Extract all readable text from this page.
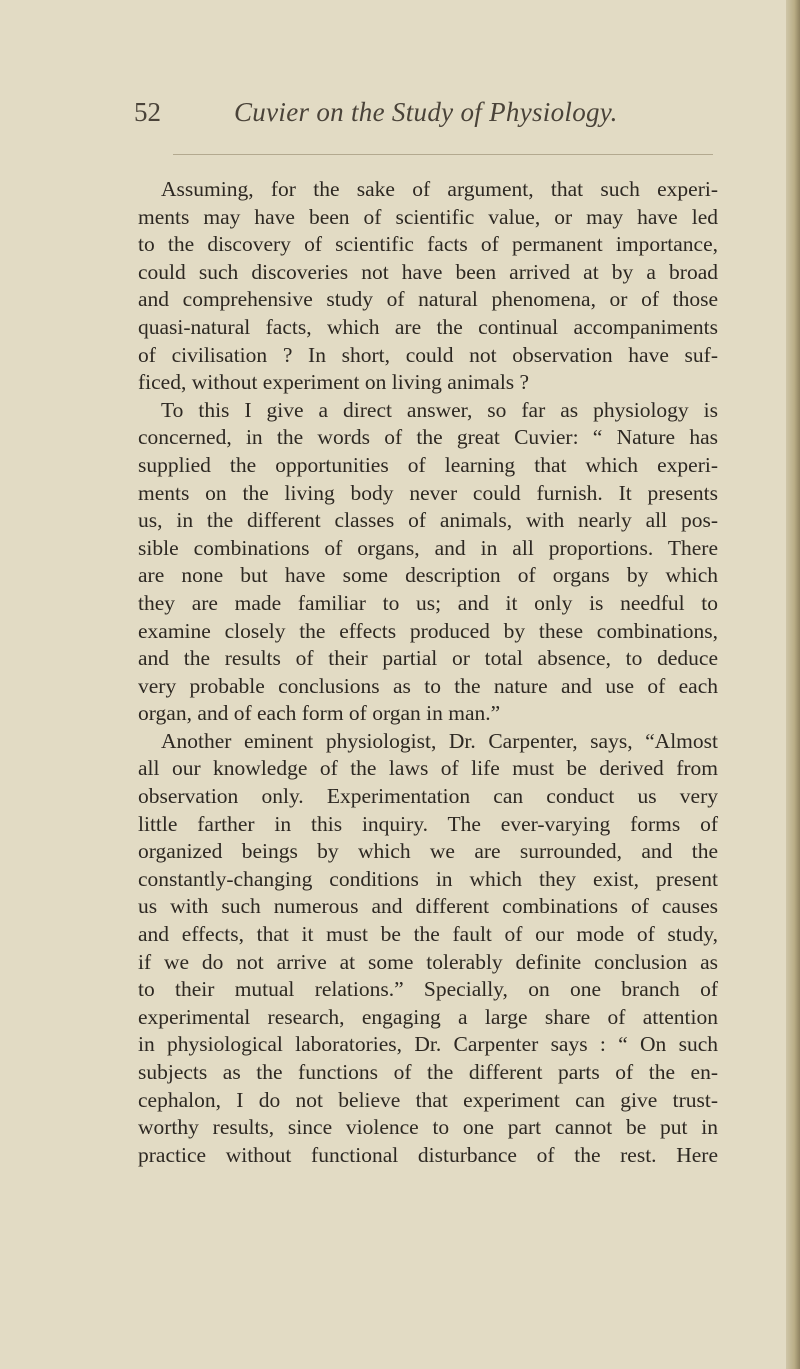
52	Cuvier on the Study of Physiology.
Assuming, for the sake of argument, that such experi-
ments may have been of scientific value, or may have led
to the discovery of scientific facts of permanent importance,
could such discoveries not have been arrived at by a broad
and comprehensive study of natural phenomena, or of those
quasi-natural facts, which are the continual accompaniments
of civilisation ? In short, could not observation have suf-
ficed, without experiment on living animals ?
To this I give a direct answer, so far as physiology is
concerned, in the words of the great Cuvier: “ Nature has
supplied the opportunities of learning that which experi-
ments on the living body never could furnish. It presents
us, in the different classes of animals, with nearly all pos-
sible combinations of organs, and in all proportions. There
are none but have some description of organs by which
they are made familiar to us; and it only is needful to
examine closely the effects produced by these combinations,
and the results of their partial or total absence, to deduce
very probable conclusions as to the nature and use of each
organ, and of each form of organ in man.”
Another eminent physiologist, Dr. Carpenter, says, “Almost
all our knowledge of the laws of life must be derived from
observation only. Experimentation can conduct us very
little farther in this inquiry. The ever-varying forms of
organized beings by which we are surrounded, and the
constantly-changing conditions in which they exist, present
us with such numerous and different combinations of causes
and effects, that it must be the fault of our mode of study,
if we do not arrive at some tolerably definite conclusion as
to their mutual relations.” Specially, on one branch of
experimental research, engaging a large share of attention
in physiological laboratories, Dr. Carpenter says : “ On such
subjects as the functions of the different parts of the en-
cephalon, I do not believe that experiment can give trust-
worthy results, since violence to one part cannot be put in
practice without functional disturbance of the rest. Here
